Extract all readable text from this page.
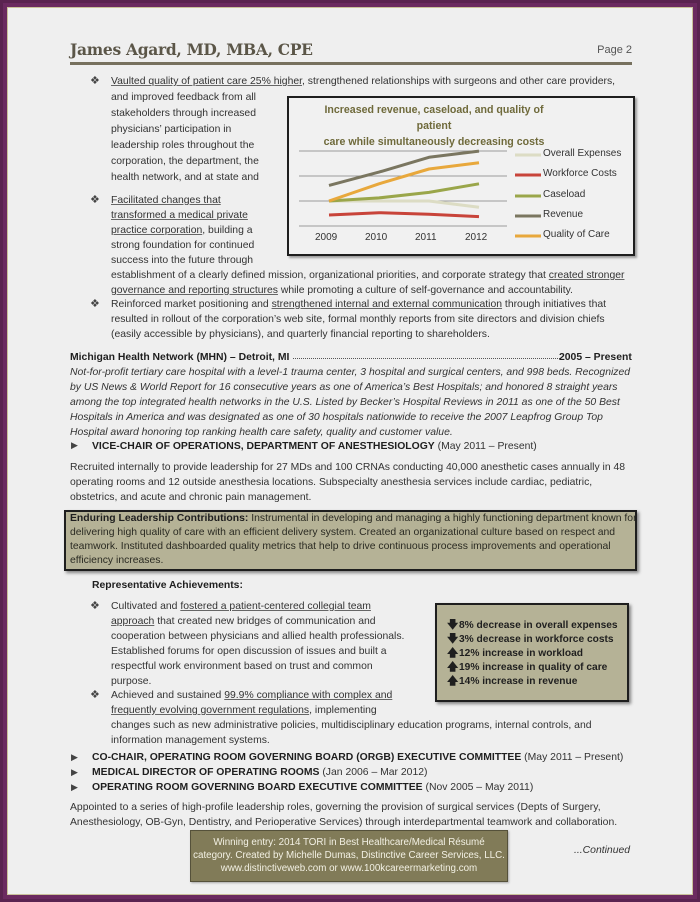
James Agard, MD, MBA, CPE	Page 2
❖ Vaulted quality of patient care 25% higher, strengthened relationships with surgeons and other care providers,
and improved feedback from all
stakeholders through increased
physicians’ participation in
leadership roles throughout the
corporation, the department, the
health network, and at state and
❖ Facilitated changes that
transformed a medical private
practice corporation, building a
strong foundation for continued
success into the future through
establishment of a clearly defined mission, organizational priorities, and corporate strategy that created stronger
governance and reporting structures while promoting a culture of self-governance and accountability.
❖ Reinforced market positioning and strengthened internal and external communication through initiatives that
resulted in rollout of the corporation’s web site, formal monthly reports from site directors and division chiefs
(easily accessible by physicians), and quarterly financial reporting to shareholders.
Increased revenue, caseload, and quality of patient
care while simultaneously decreasing costs
2009	2010	2011	2012
Overall Expenses
Workforce Costs
Caseload
Revenue
Quality of Care
Michigan Health Network (MHN) – Detroit, MI	2005 – Present
Not-for-profit tertiary care hospital with a level-1 trauma center, 3 hospital and surgical centers, and 998 beds. Recognized
by US News & World Report for 16 consecutive years as one of America’s Best Hospitals; and honored 8 straight years
among the top integrated health networks in the U.S. Listed by Becker’s Hospital Reviews in 2011 as one of the 50 Best
Hospitals in America and was designated as one of 30 hospitals nationwide to receive the 2007 Leapfrog Group Top
Hospital award honoring top ranking health care safety, quality and customer value.
▶ VICE-CHAIR OF OPERATIONS, DEPARTMENT OF ANESTHESIOLOGY (May 2011 – Present)
Recruited internally to provide leadership for 27 MDs and 100 CRNAs conducting 40,000 anesthetic cases annually in 48
operating rooms and 12 outside anesthesia locations. Subspecialty anesthesia services include cardiac, pediatric,
obstetrics, and acute and chronic pain management.
Enduring Leadership Contributions: Instrumental in developing and managing a highly functioning department known for
delivering high quality of care with an efficient delivery system. Created an organizational culture based on respect and
teamwork. Instituted dashboarded quality metrics that help to drive continuous process improvements and operational
efficiency increases.
Representative Achievements:
❖ Cultivated and fostered a patient-centered collegial team
approach that created new bridges of communication and
cooperation between physicians and allied health professionals.
Established forums for open discussion of issues and built a
respectful work environment based on trust and common
purpose.
❖ Achieved and sustained 99.9% compliance with complex and
frequently evolving government regulations, implementing
changes such as new administrative policies, multidisciplinary education programs, internal controls, and
information management systems.
🡇8% decrease in overall expenses
🡇3% decrease in workforce costs
🡅12% increase in workload
🡅19% increase in quality of care
🡅14% increase in revenue
▶ CO-CHAIR, OPERATING ROOM GOVERNING BOARD (ORGB) EXECUTIVE COMMITTEE (May 2011 – Present)
▶ MEDICAL DIRECTOR OF OPERATING ROOMS (Jan 2006 – Mar 2012)
▶ OPERATING ROOM GOVERNING BOARD EXECUTIVE COMMITTEE (Nov 2005 – May 2011)
Appointed to a series of high-profile leadership roles, governing the provision of surgical services (Depts of Surgery,
Anesthesiology, OB-Gyn, Dentistry, and Perioperative Services) through interdepartmental teamwork and collaboration.
Winning entry: 2014 TORI in Best Healthcare/Medical Résumé
category. Created by Michelle Dumas, Distinctive Career Services, LLC.
www.distinctiveweb.com or www.100kcareermarketing.com
...Continued
